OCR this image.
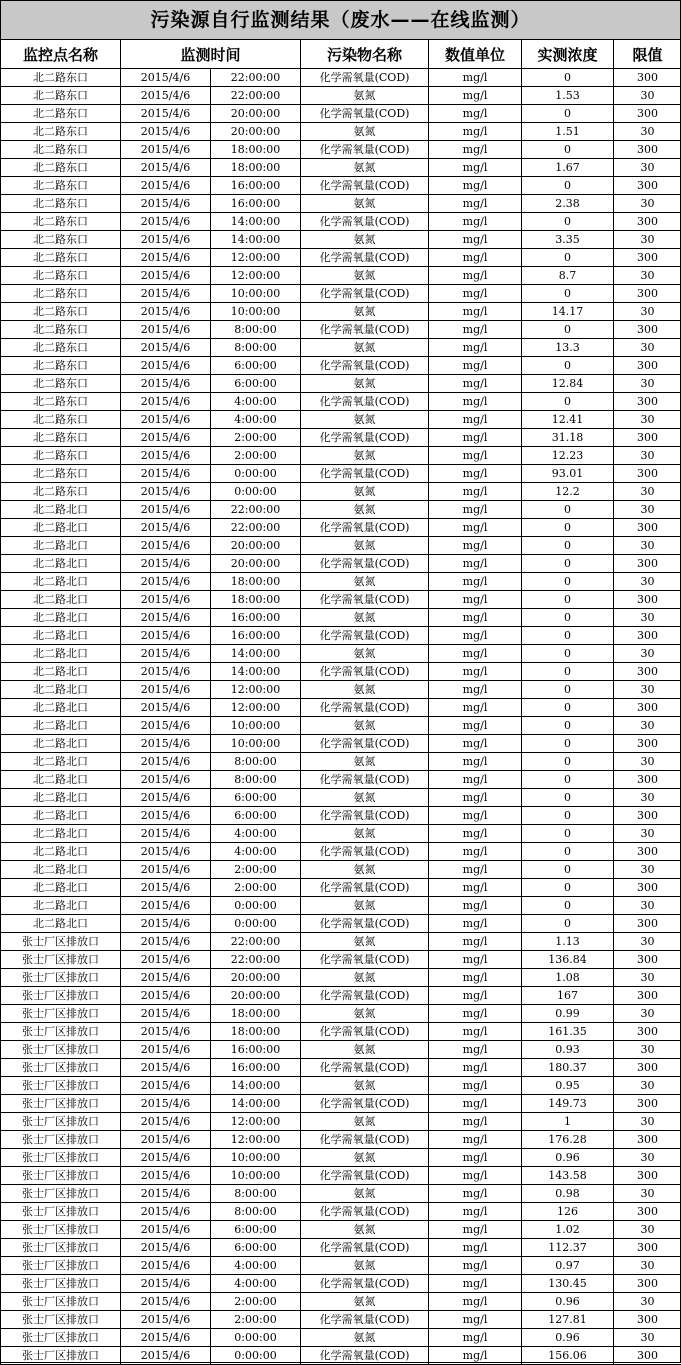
污染源自行监测结果（废水——在线监测）
监控点名称	监测时间		污染物名称	数值单位	实测浓度	限值
北二路东口	2015/4/6	22:00:00	化学需氧量(COD)	mg/l	0	300
北二路东口	2015/4/6	22:00:00	氨氮	mg/l	1.53	30
北二路东口	2015/4/6	20:00:00	化学需氧量(COD)	mg/l	0	300
北二路东口	2015/4/6	20:00:00	氨氮	mg/l	1.51	30
北二路东口	2015/4/6	18:00:00	化学需氧量(COD)	mg/l	0	300
北二路东口	2015/4/6	18:00:00	氨氮	mg/l	1.67	30
北二路东口	2015/4/6	16:00:00	化学需氧量(COD)	mg/l	0	300
北二路东口	2015/4/6	16:00:00	氨氮	mg/l	2.38	30
北二路东口	2015/4/6	14:00:00	化学需氧量(COD)	mg/l	0	300
北二路东口	2015/4/6	14:00:00	氨氮	mg/l	3.35	30
北二路东口	2015/4/6	12:00:00	化学需氧量(COD)	mg/l	0	300
北二路东口	2015/4/6	12:00:00	氨氮	mg/l	8.7	30
北二路东口	2015/4/6	10:00:00	化学需氧量(COD)	mg/l	0	300
北二路东口	2015/4/6	10:00:00	氨氮	mg/l	14.17	30
北二路东口	2015/4/6	8:00:00	化学需氧量(COD)	mg/l	0	300
北二路东口	2015/4/6	8:00:00	氨氮	mg/l	13.3	30
北二路东口	2015/4/6	6:00:00	化学需氧量(COD)	mg/l	0	300
北二路东口	2015/4/6	6:00:00	氨氮	mg/l	12.84	30
北二路东口	2015/4/6	4:00:00	化学需氧量(COD)	mg/l	0	300
北二路东口	2015/4/6	4:00:00	氨氮	mg/l	12.41	30
北二路东口	2015/4/6	2:00:00	化学需氧量(COD)	mg/l	31.18	300
北二路东口	2015/4/6	2:00:00	氨氮	mg/l	12.23	30
北二路东口	2015/4/6	0:00:00	化学需氧量(COD)	mg/l	93.01	300
北二路东口	2015/4/6	0:00:00	氨氮	mg/l	12.2	30
北二路北口	2015/4/6	22:00:00	氨氮	mg/l	0	30
北二路北口	2015/4/6	22:00:00	化学需氧量(COD)	mg/l	0	300
北二路北口	2015/4/6	20:00:00	氨氮	mg/l	0	30
北二路北口	2015/4/6	20:00:00	化学需氧量(COD)	mg/l	0	300
北二路北口	2015/4/6	18:00:00	氨氮	mg/l	0	30
北二路北口	2015/4/6	18:00:00	化学需氧量(COD)	mg/l	0	300
北二路北口	2015/4/6	16:00:00	氨氮	mg/l	0	30
北二路北口	2015/4/6	16:00:00	化学需氧量(COD)	mg/l	0	300
北二路北口	2015/4/6	14:00:00	氨氮	mg/l	0	30
北二路北口	2015/4/6	14:00:00	化学需氧量(COD)	mg/l	0	300
北二路北口	2015/4/6	12:00:00	氨氮	mg/l	0	30
北二路北口	2015/4/6	12:00:00	化学需氧量(COD)	mg/l	0	300
北二路北口	2015/4/6	10:00:00	氨氮	mg/l	0	30
北二路北口	2015/4/6	10:00:00	化学需氧量(COD)	mg/l	0	300
北二路北口	2015/4/6	8:00:00	氨氮	mg/l	0	30
北二路北口	2015/4/6	8:00:00	化学需氧量(COD)	mg/l	0	300
北二路北口	2015/4/6	6:00:00	氨氮	mg/l	0	30
北二路北口	2015/4/6	6:00:00	化学需氧量(COD)	mg/l	0	300
北二路北口	2015/4/6	4:00:00	氨氮	mg/l	0	30
北二路北口	2015/4/6	4:00:00	化学需氧量(COD)	mg/l	0	300
北二路北口	2015/4/6	2:00:00	氨氮	mg/l	0	30
北二路北口	2015/4/6	2:00:00	化学需氧量(COD)	mg/l	0	300
北二路北口	2015/4/6	0:00:00	氨氮	mg/l	0	30
北二路北口	2015/4/6	0:00:00	化学需氧量(COD)	mg/l	0	300
张士厂区排放口	2015/4/6	22:00:00	氨氮	mg/l	1.13	30
张士厂区排放口	2015/4/6	22:00:00	化学需氧量(COD)	mg/l	136.84	300
张士厂区排放口	2015/4/6	20:00:00	氨氮	mg/l	1.08	30
张士厂区排放口	2015/4/6	20:00:00	化学需氧量(COD)	mg/l	167	300
张士厂区排放口	2015/4/6	18:00:00	氨氮	mg/l	0.99	30
张士厂区排放口	2015/4/6	18:00:00	化学需氧量(COD)	mg/l	161.35	300
张士厂区排放口	2015/4/6	16:00:00	氨氮	mg/l	0.93	30
张士厂区排放口	2015/4/6	16:00:00	化学需氧量(COD)	mg/l	180.37	300
张士厂区排放口	2015/4/6	14:00:00	氨氮	mg/l	0.95	30
张士厂区排放口	2015/4/6	14:00:00	化学需氧量(COD)	mg/l	149.73	300
张士厂区排放口	2015/4/6	12:00:00	氨氮	mg/l	1	30
张士厂区排放口	2015/4/6	12:00:00	化学需氧量(COD)	mg/l	176.28	300
张士厂区排放口	2015/4/6	10:00:00	氨氮	mg/l	0.96	30
张士厂区排放口	2015/4/6	10:00:00	化学需氧量(COD)	mg/l	143.58	300
张士厂区排放口	2015/4/6	8:00:00	氨氮	mg/l	0.98	30
张士厂区排放口	2015/4/6	8:00:00	化学需氧量(COD)	mg/l	126	300
张士厂区排放口	2015/4/6	6:00:00	氨氮	mg/l	1.02	30
张士厂区排放口	2015/4/6	6:00:00	化学需氧量(COD)	mg/l	112.37	300
张士厂区排放口	2015/4/6	4:00:00	氨氮	mg/l	0.97	30
张士厂区排放口	2015/4/6	4:00:00	化学需氧量(COD)	mg/l	130.45	300
张士厂区排放口	2015/4/6	2:00:00	氨氮	mg/l	0.96	30
张士厂区排放口	2015/4/6	2:00:00	化学需氧量(COD)	mg/l	127.81	300
张士厂区排放口	2015/4/6	0:00:00	氨氮	mg/l	0.96	30
张士厂区排放口	2015/4/6	0:00:00	化学需氧量(COD)	mg/l	156.06	300
